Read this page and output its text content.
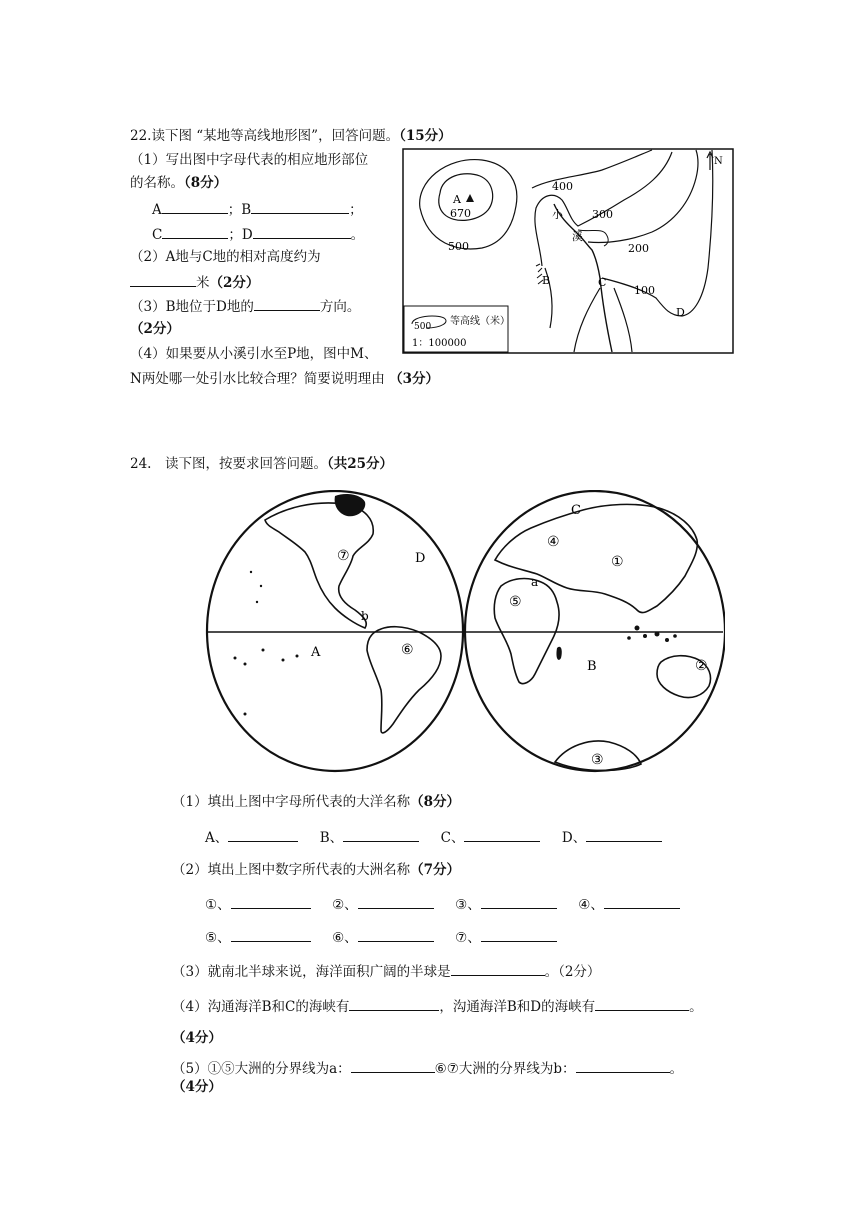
22.读下图 “某地等高线地形图”，回答问题。（15分）
（1）写出图中字母代表的相应地形部位
的名称。（8分）
A	；B	；
C	；D	。
（2）A地与C地的相对高度约为
米（2分）
（3）B地位于D地的	方向。
（2分）
（4）如果要从小溪引水至P地，图中M、
N两处哪一处引水比较合理？简要说明理由 （3分）
A
670
400
300
500	200
100
小
溪
N
B	C
D
500 等高线（米）
1：100000
24.　读下图，按要求回答问题。（共25分）
A
B
C
D	①
②
③
④
⑤
⑥
⑦
a
b
（1）填出上图中字母所代表的大洋名称（8分）
A、	B、	C、	D、
（2）填出上图中数字所代表的大洲名称（7分）
①、	②、	③、	④、
⑤、	⑥、	⑦、
（3）就南北半球来说，海洋面积广阔的半球是	。（2分）
（4）沟通海洋B和C的海峡有	，沟通海洋B和D的海峡有	。
（4分）
（5）①⑤大洲的分界线为a：	⑥⑦大洲的分界线为b：	。
（4分）
